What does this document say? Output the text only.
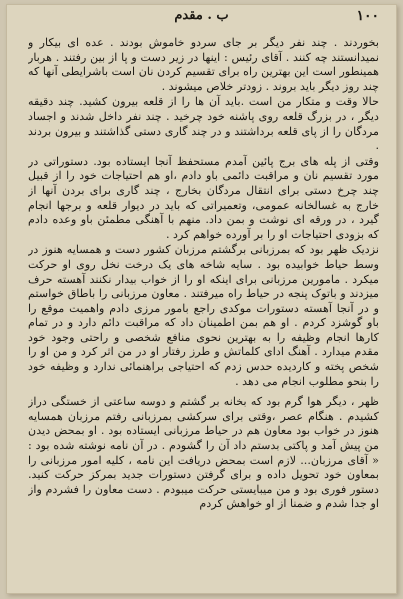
۱۰۰
ب . مقدم

بخوردند . چند نفر دیگر بر جای سردو خاموش بودند . عده ای بیکار و نمیدانستند چه کنند . آقای رئیس : اینها در زیر دست و پا از بین رفتند . هربار همینطور است این بهترین راه برای تقسیم کردن نان است باشرایطی آنها که چند روز دیگر باید بروند . زودتر خلاص میشوند .

حالا وقت و متکار من است .باید آن ها را از قلعه بیرون کشید. چند دقیقه دیگر ، در بزرگ قلعه روی پاشنه خود چرخید . چند نفر داخل شدند و اجساد مردگان را از پای قلعه برداشتند و در چند گاری دستی گذاشتند و بیرون بردند .

وقتی از پله های برج پائین آمدم مستحفظ آنجا ایستاده بود. دستوراتی در مورد تقسیم نان و مراقبت دائمی باو دادم ،او هم احتیاجات خود را از قبیل چند چرخ دستی برای انتقال مردگان بخارج ، چند گاری برای بردن آنها از خارج به غسالخانه عمومی، وتعمیراتی که باید در دیوار قلعه و برجها انجام گیرد ، در ورقه ای نوشت و بمن داد. منهم با آهنگی مطمئن باو وعده دادم که بزودی احتیاجات او را بر آورده خواهم کرد .

نزدیک ظهر بود که بمرزبانی برگشتم مرزبان کشور دست و همسایه هنوز در وسط حیاط خوابیده بود . سایه شاخه های یک درخت نخل روی او حرکت میکرد . مامورین مرزبانی برای اینکه او را از خواب بیدار نکنند آهسته حرف میزدند و باتوک پنجه در حیاط راه میرفتند . معاون مرزبانی را باطاق خواستم و در آنجا آهسته دستورات موکدی راجع بامور مرزی دادم واهمیت موقع را باو گوشزد کردم . او هم بمن اطمینان داد که مراقبت دائم دارد و در تمام کارها انجام وظیفه را به بهترین نحوی منافع شخصی و راحتی وجود خود مقدم میدارد . آهنگ ادای کلماتش و طرز رفتار او در من اثر کرد و من او را شخص پخته و کاردیده حدس زدم که احتیاجی براهنمائی ندارد و وظیفه خود را بنحو مطلوب انجام می دهد .

ظهر ، دیگر هوا گرم بود که بخانه بر گشتم و دوسه ساعتی از خستگی دراز کشیدم . هنگام عصر ،وقتی برای سرکشی بمرزبانی رفتم مرزبان همسایه هنوز در خواب بود معاون هم در حیاط مرزبانی ایستاده بود . او بمحض دیدن من پیش آمد و پاکتی بدستم داد آن را گشودم . در آن نامه نوشته شده بود : « آقای مرزبان... لازم است بمحض دریافت این نامه ، کلیه امور مرزبانی را بمعاون خود تحویل داده و برای گرفتن دستورات جدید بمرکز حرکت کنید. دستور فوری بود و من میبایستی حرکت میبودم . دست معاون را فشردم واز او جدا شدم و ضمنا از او خواهش کردم
